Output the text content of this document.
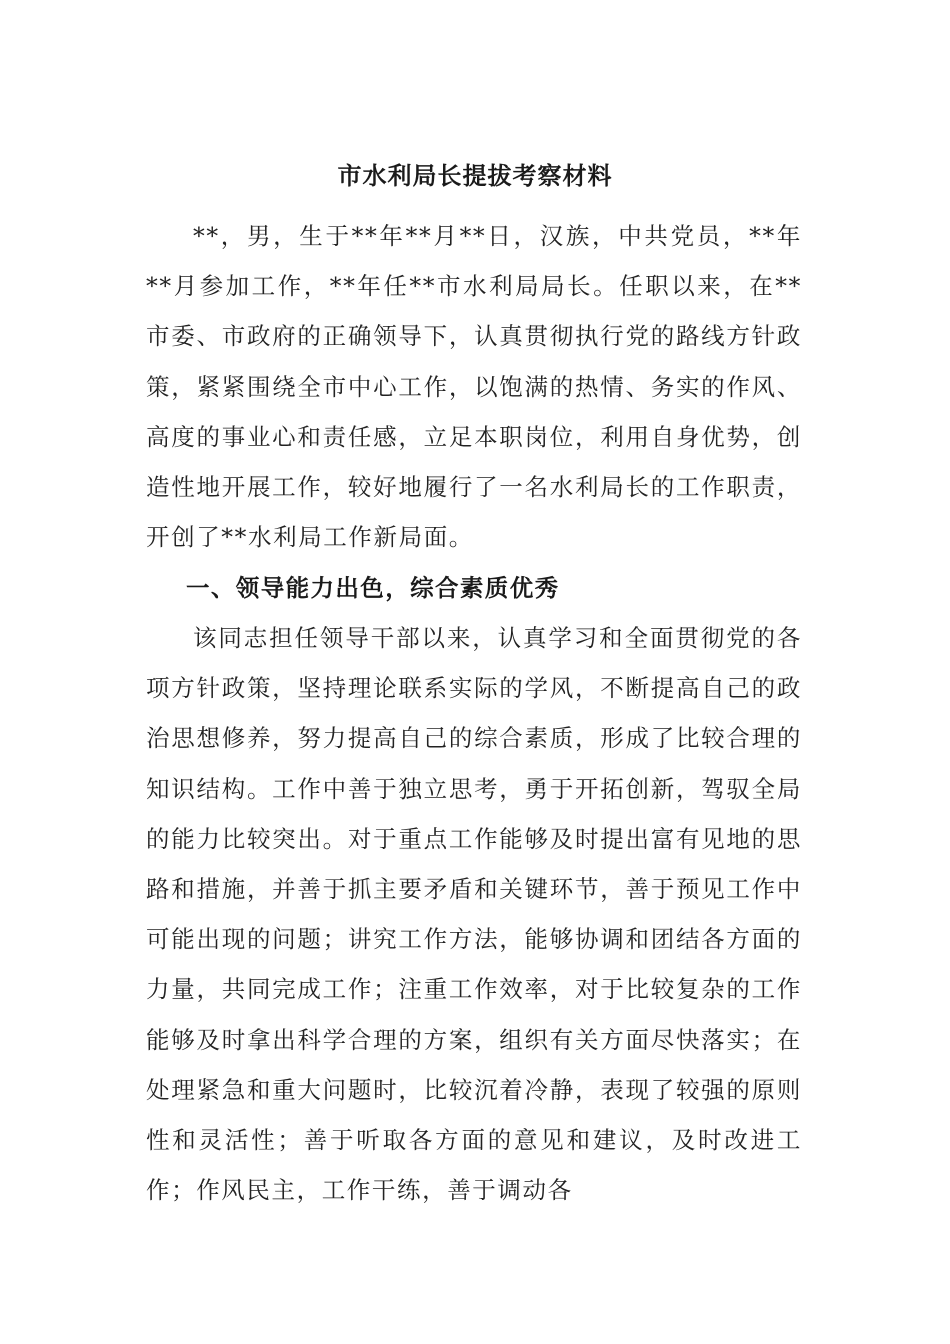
市水利局长提拔考察材料

**，男，生于**年**月**日，汉族，中共党员，**年**月参加工作，**年任**市水利局局长。任职以来，在**市委、市政府的正确领导下，认真贯彻执行党的路线方针政策，紧紧围绕全市中心工作，以饱满的热情、务实的作风、高度的事业心和责任感，立足本职岗位，利用自身优势，创造性地开展工作，较好地履行了一名水利局长的工作职责，开创了**水利局工作新局面。

一、领导能力出色，综合素质优秀

该同志担任领导干部以来，认真学习和全面贯彻党的各项方针政策，坚持理论联系实际的学风，不断提高自己的政治思想修养，努力提高自己的综合素质，形成了比较合理的知识结构。工作中善于独立思考，勇于开拓创新，驾驭全局的能力比较突出。对于重点工作能够及时提出富有见地的思路和措施，并善于抓主要矛盾和关键环节，善于预见工作中可能出现的问题；讲究工作方法，能够协调和团结各方面的力量，共同完成工作；注重工作效率，对于比较复杂的工作能够及时拿出科学合理的方案，组织有关方面尽快落实；在处理紧急和重大问题时，比较沉着冷静，表现了较强的原则性和灵活性；善于听取各方面的意见和建议，及时改进工作；作风民主，工作干练，善于调动各
